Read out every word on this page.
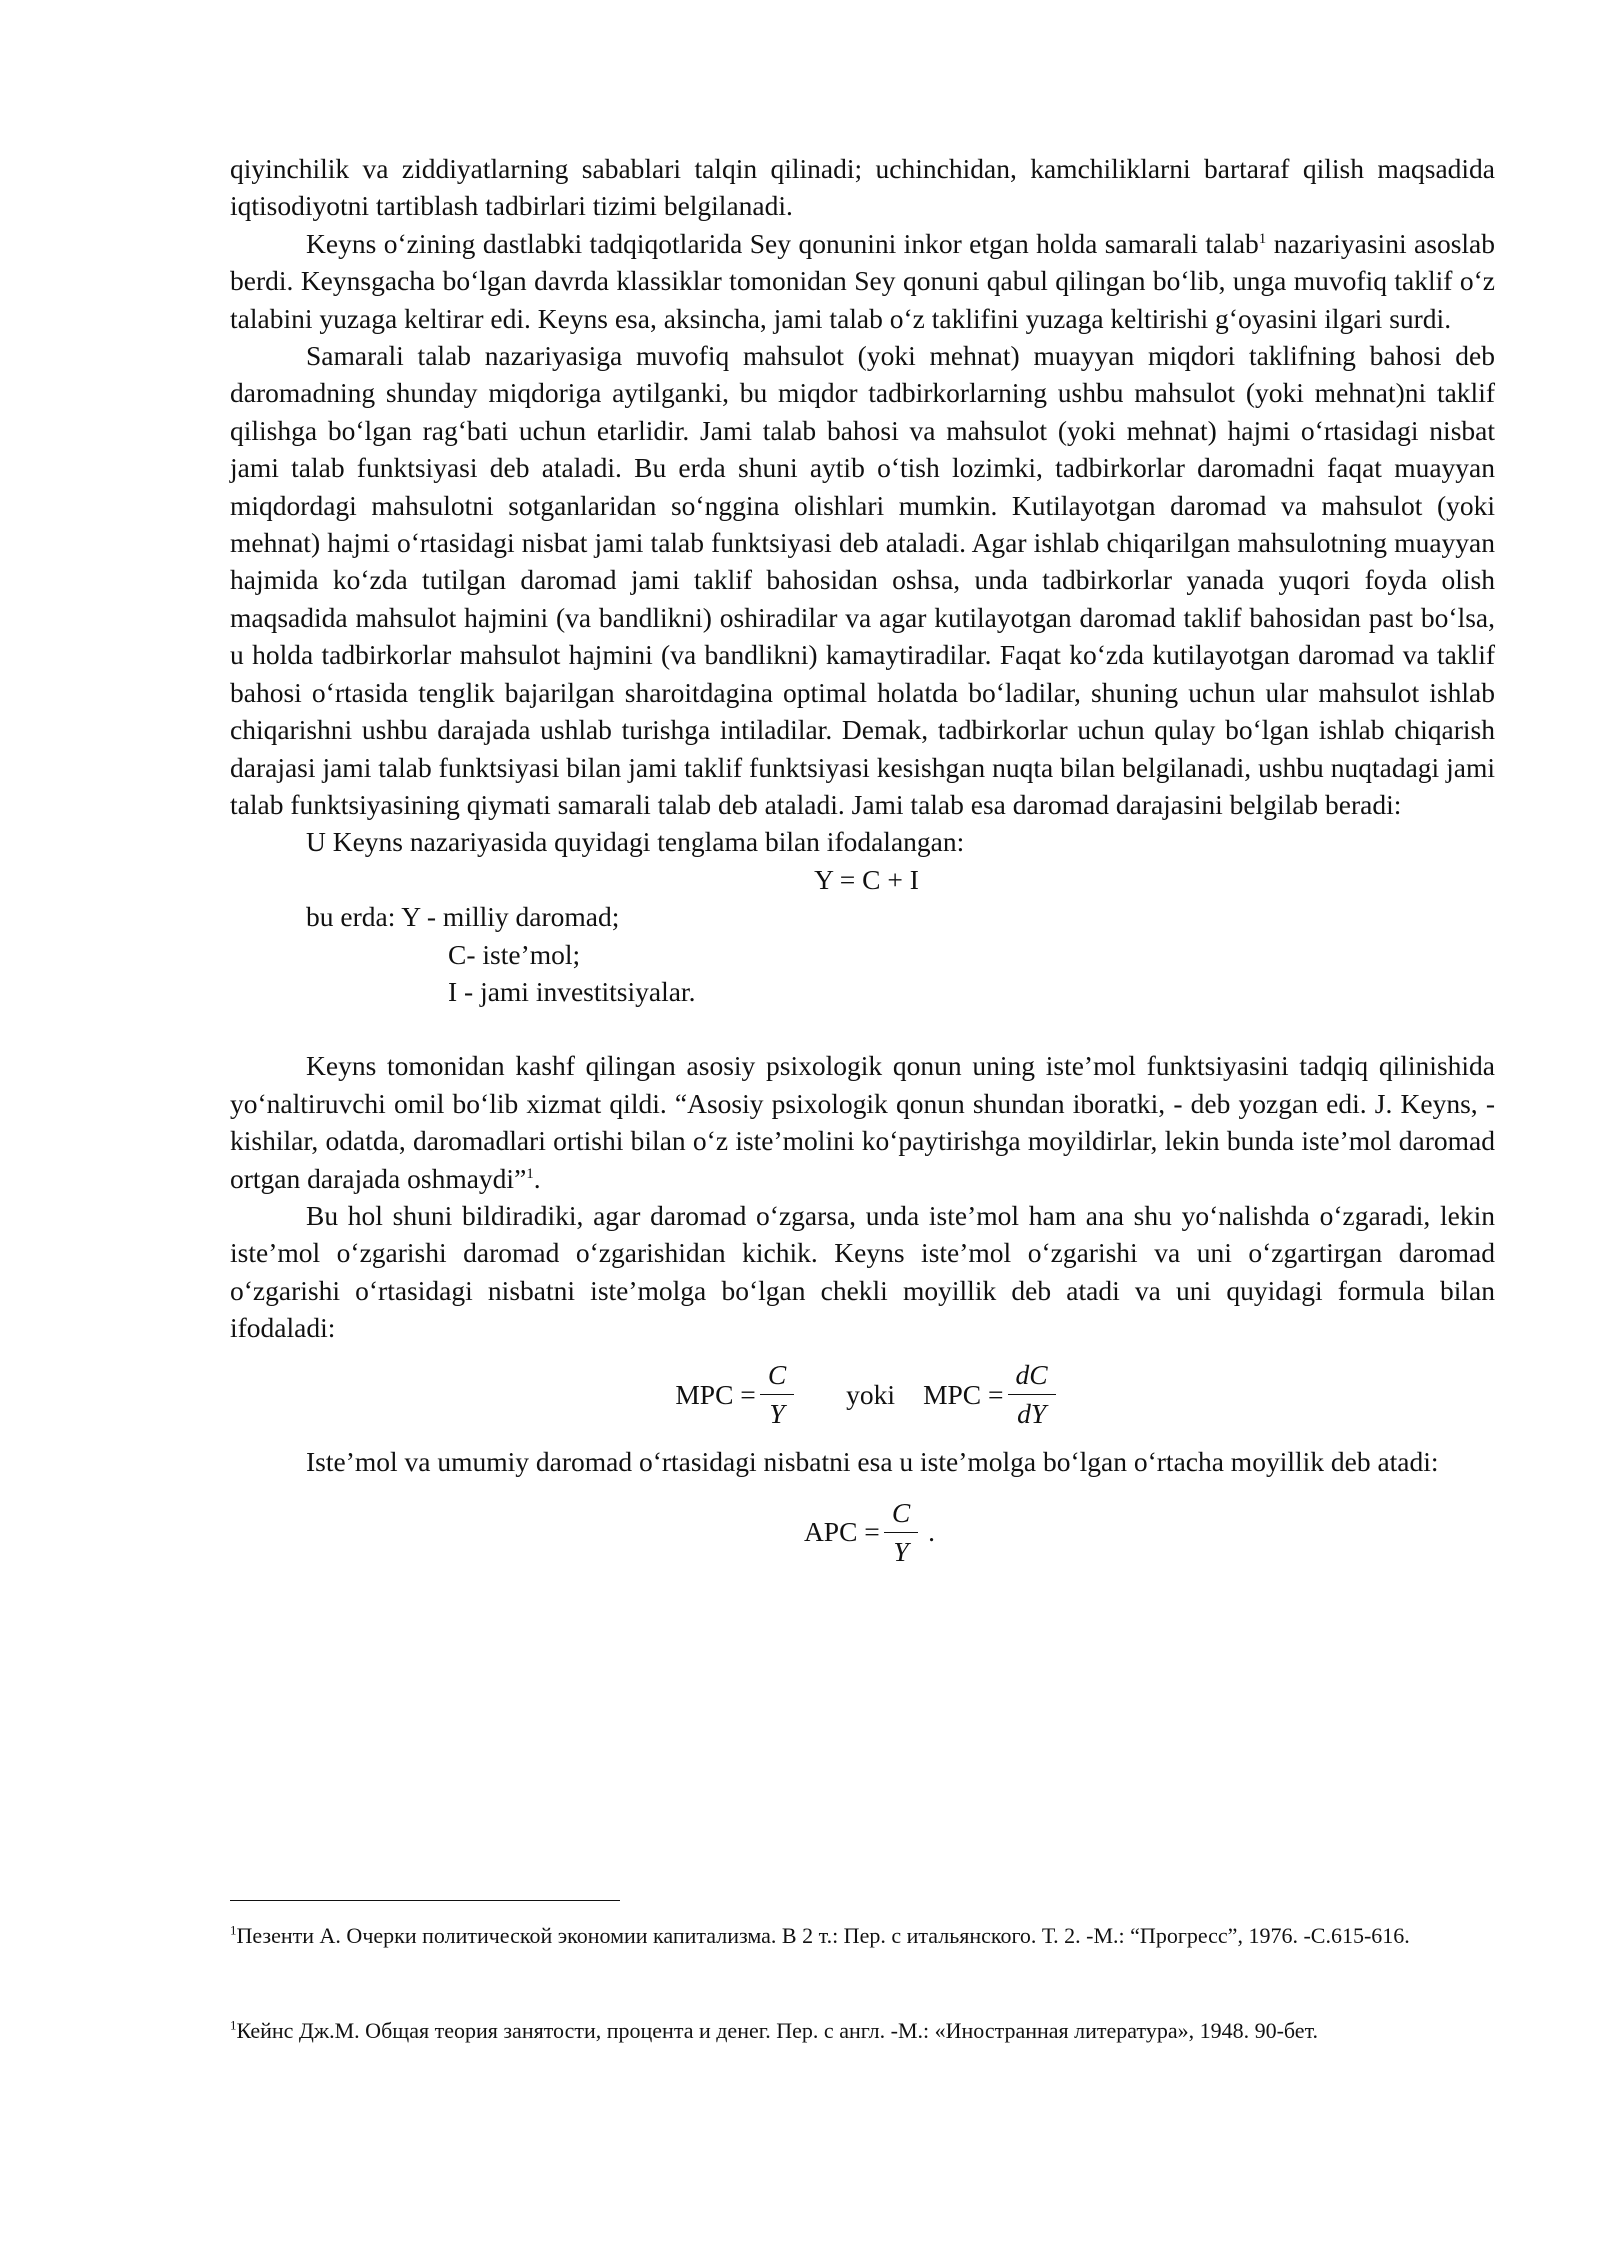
qiyinchilik va ziddiyatlarning sabablari talqin qilinadi; uchinchidan, kamchiliklarni bartaraf qilish maqsadida iqtisodiyotni tartiblash tadbirlari tizimi belgilanadi.

Keyns o‘zining dastlabki tadqiqotlarida Sey qonunini inkor etgan holda samarali talab$^1$ nazariyasini asoslab berdi. Keynsgacha bo‘lgan davrda klassiklar tomonidan Sey qonuni qabul qilingan bo‘lib, unga muvofiq taklif o‘z talabini yuzaga keltirar edi. Keyns esa, aksincha, jami talab o‘z taklifini yuzaga keltirishi g‘oyasini ilgari surdi.

Samarali talab nazariyasiga muvofiq mahsulot (yoki mehnat) muayyan miqdori taklifning bahosi deb daromadning shunday miqdoriga aytilganki, bu miqdor tadbirkorlarning ushbu mahsulot (yoki mehnat)ni taklif qilishga bo‘lgan rag‘bati uchun etarlidir. Jami talab bahosi va mahsulot (yoki mehnat) hajmi o‘rtasidagi nisbat jami talab funktsiyasi deb ataladi. Bu erda shuni aytib o‘tish lozimki, tadbirkorlar daromadni faqat muayyan miqdordagi mahsulotni sotganlaridan so‘nggina olishlari mumkin. Kutilayotgan daromad va mahsulot (yoki mehnat) hajmi o‘rtasidagi nisbat jami talab funktsiyasi deb ataladi. Agar ishlab chiqarilgan mahsulotning muayyan hajmida ko‘zda tutilgan daromad jami taklif bahosidan oshsa, unda tadbirkorlar yanada yuqori foyda olish maqsadida mahsulot hajmini (va bandlikni) oshiradilar va agar kutilayotgan daromad taklif bahosidan past bo‘lsa, u holda tadbirkorlar mahsulot hajmini (va bandlikni) kamaytiradilar. Faqat ko‘zda kutilayotgan daromad va taklif bahosi o‘rtasida tenglik bajarilgan sharoitdagina optimal holatda bo‘ladilar, shuning uchun ular mahsulot ishlab chiqarishni ushbu darajada ushlab turishga intiladilar. Demak, tadbirkorlar uchun qulay bo‘lgan ishlab chiqarish darajasi jami talab funktsiyasi bilan jami taklif funktsiyasi kesishgan nuqta bilan belgilanadi, ushbu nuqtadagi jami talab funktsiyasining qiymati samarali talab deb ataladi. Jami talab esa daromad darajasini belgilab beradi:

U Keyns nazariyasida quyidagi tenglama bilan ifodalangan:

Y = C + I

bu erda: Y - milliy daromad;

C- iste’mol;

I - jami investitsiyalar.

Keyns tomonidan kashf qilingan asosiy psixologik qonun uning iste’mol funktsiyasini tadqiq qilinishida yo‘naltiruvchi omil bo‘lib xizmat qildi. “Asosiy psixologik qonun shundan iboratki, - deb yozgan edi. J. Keyns, - kishilar, odatda, daromadlari ortishi bilan o‘z iste’molini ko‘paytirishga moyildirlar, lekin bunda iste’mol daromad ortgan darajada oshmaydi”$^1$.

Bu hol shuni bildiradiki, agar daromad o‘zgarsa, unda iste’mol ham ana shu yo‘nalishda o‘zgaradi, lekin iste’mol o‘zgarishi daromad o‘zgarishidan kichik. Keyns iste’mol o‘zgarishi va uni o‘zgartirgan daromad o‘zgarishi o‘rtasidagi nisbatni iste’molga bo‘lgan chekli moyillik deb atadi va uni quyidagi formula bilan ifodaladi:

MPC = $\frac{C}{Y}$ yoki MPC = $\frac{dC}{dY}$

Iste’mol va umumiy daromad o‘rtasidagi nisbatni esa u iste’molga bo‘lgan o‘rtacha moyillik deb atadi:

APC = $\frac{C}{Y}$ .
$^1$Пезенти А. Очерки политической экономии капитализма. В 2 т.: Пер. с итальянского. Т. 2. -М.: “Прогресс”, 1976. -С.615-616.
$^1$Кейнс Дж.М. Общая теория занятости, процента и денег. Пер. с англ. -М.: «Иностранная литература», 1948. 90-бет.
